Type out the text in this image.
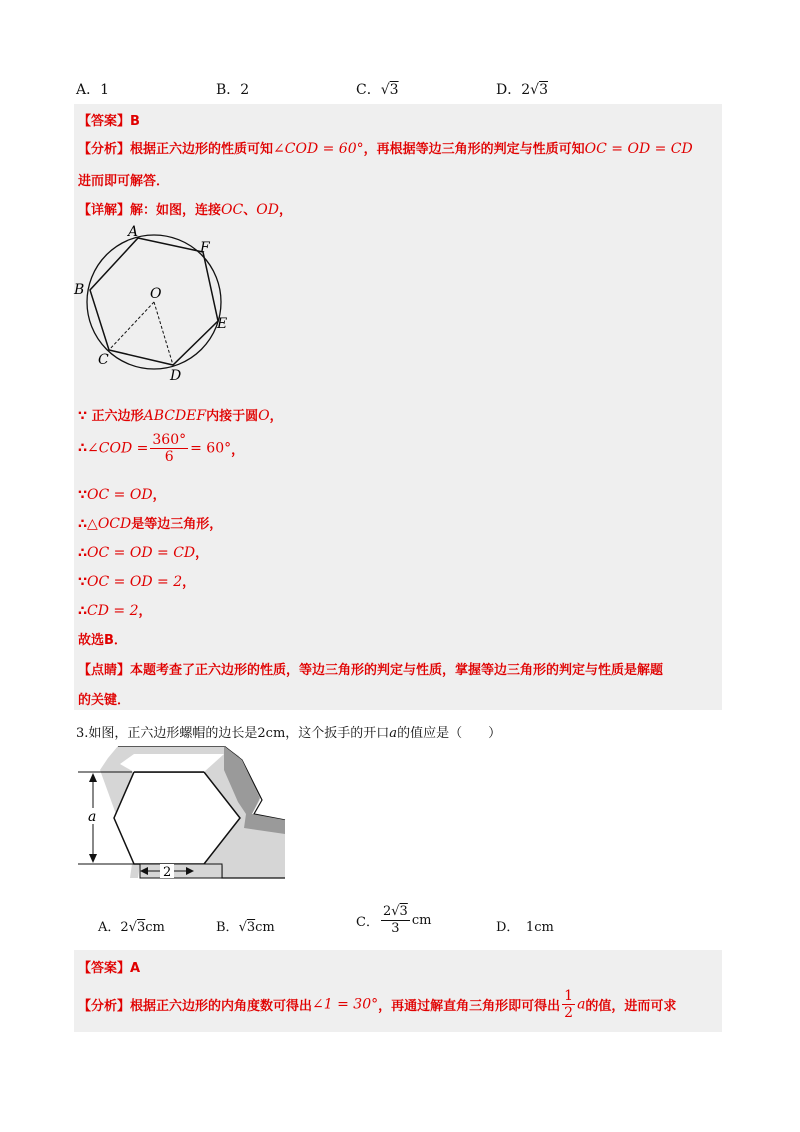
A．1	B．2	C．√3	D．2√3
【答案】B
【分析】根据正六边形的性质可知∠COD = 60°，再根据等边三角形的判定与性质可知OC = OD = CD
进而即可解答．
【详解】解：如图，连接OC、OD，
A
F
B	O
E
C
D
∵ 正六边形ABCDEF内接于圆O，
∴∠COD = $\frac{360^\circ}{6} = 60^\circ$，
∵OC = OD，
∴△OCD是等边三角形，
∴OC = OD = CD，
∵OC = OD = 2，
∴CD = 2，
故选B．
【点睛】本题考查了正六边形的性质，等边三角形的判定与性质，掌握等边三角形的判定与性质是解题
的关键．
3.如图，正六边形螺帽的边长是2cm，这个扳手的开口a的值应是（　　）
a
2
A．2√3cm	B．√3cm	C． $\frac{2√3}{3}$ cm	D．　1cm
【答案】A
【分析】根据正六边形的内角度数可得出∠1 = 30°，再通过解直角三角形即可得出 $\frac{1}{2}$ a的值，进而可求
